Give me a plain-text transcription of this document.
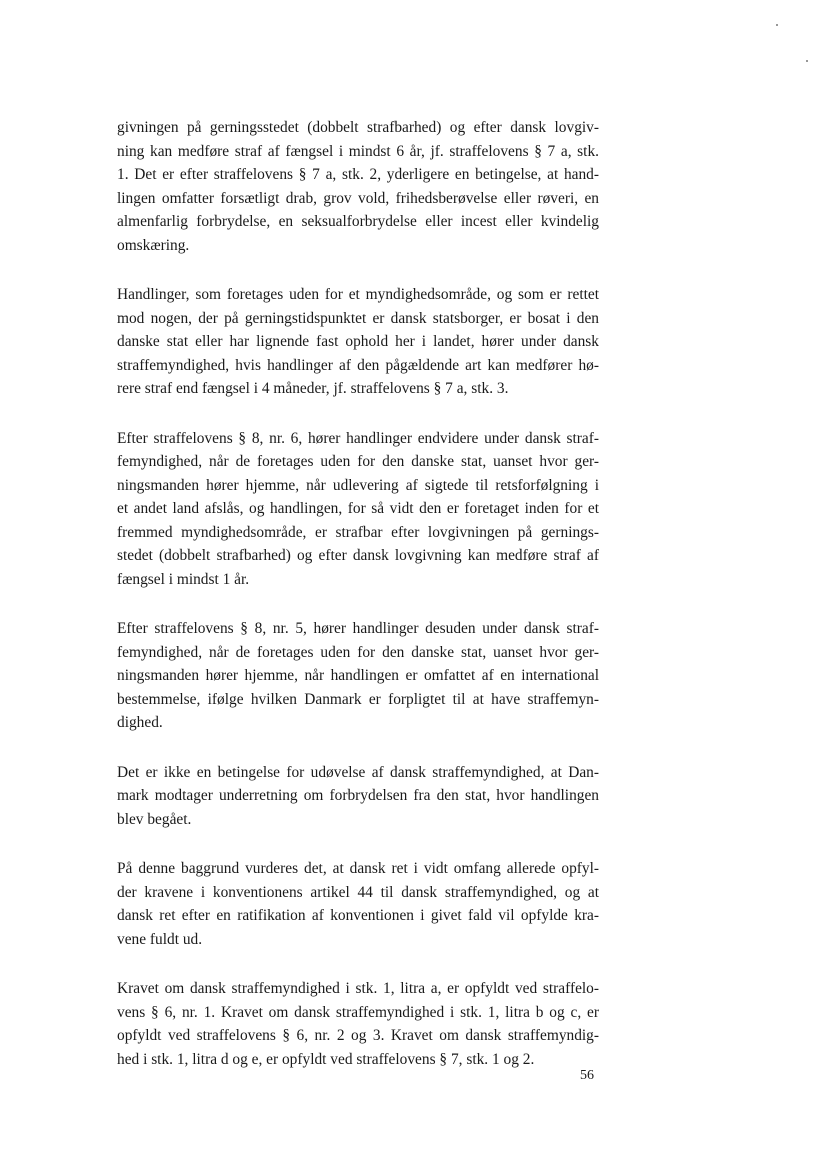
givningen på gerningsstedet (dobbelt strafbarhed) og efter dansk lovgiv-
ning kan medføre straf af fængsel i mindst 6 år, jf. straffelovens § 7 a, stk.
1. Det er efter straffelovens § 7 a, stk. 2, yderligere en betingelse, at hand-
lingen omfatter forsætligt drab, grov vold, frihedsberøvelse eller røveri, en
almenfarlig forbrydelse, en seksualforbrydelse eller incest eller kvindelig
omskæring.

Handlinger, som foretages uden for et myndighedsområde, og som er rettet
mod nogen, der på gerningstidspunktet er dansk statsborger, er bosat i den
danske stat eller har lignende fast ophold her i landet, hører under dansk
straffemyndighed, hvis handlinger af den pågældende art kan medfører hø-
rere straf end fængsel i 4 måneder, jf. straffelovens § 7 a, stk. 3.

Efter straffelovens § 8, nr. 6, hører handlinger endvidere under dansk straf-
femyndighed, når de foretages uden for den danske stat, uanset hvor ger-
ningsmanden hører hjemme, når udlevering af sigtede til retsforfølgning i
et andet land afslås, og handlingen, for så vidt den er foretaget inden for et
fremmed myndighedsområde, er strafbar efter lovgivningen på gernings-
stedet (dobbelt strafbarhed) og efter dansk lovgivning kan medføre straf af
fængsel i mindst 1 år.

Efter straffelovens § 8, nr. 5, hører handlinger desuden under dansk straf-
femyndighed, når de foretages uden for den danske stat, uanset hvor ger-
ningsmanden hører hjemme, når handlingen er omfattet af en international
bestemmelse, ifølge hvilken Danmark er forpligtet til at have straffemyn-
dighed.

Det er ikke en betingelse for udøvelse af dansk straffemyndighed, at Dan-
mark modtager underretning om forbrydelsen fra den stat, hvor handlingen
blev begået.

På denne baggrund vurderes det, at dansk ret i vidt omfang allerede opfyl-
der kravene i konventionens artikel 44 til dansk straffemyndighed, og at
dansk ret efter en ratifikation af konventionen i givet fald vil opfylde kra-
vene fuldt ud.

Kravet om dansk straffemyndighed i stk. 1, litra a, er opfyldt ved straffelo-
vens § 6, nr. 1. Kravet om dansk straffemyndighed i stk. 1, litra b og c, er
opfyldt ved straffelovens § 6, nr. 2 og 3. Kravet om dansk straffemyndig-
hed i stk. 1, litra d og e, er opfyldt ved straffelovens § 7, stk. 1 og 2.

56
